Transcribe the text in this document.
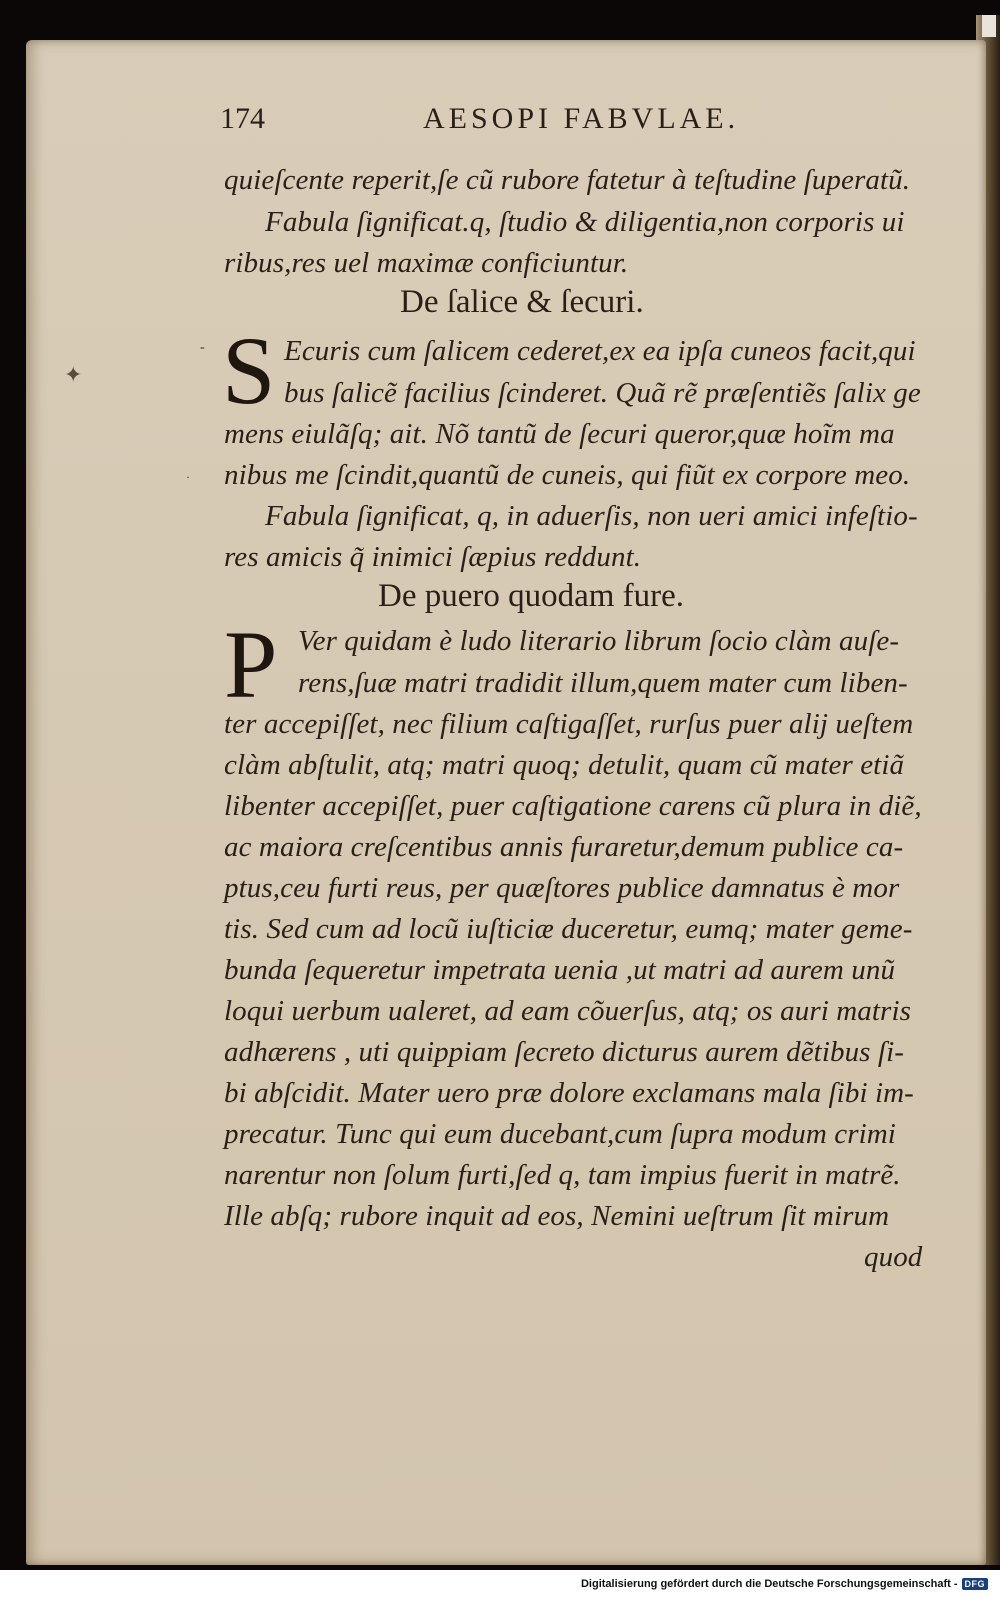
174	AESOPI FABVLAE.
quieſcente reperit,ſe cũ rubore fatetur à teſtudine ſuperatũ.
Fabula ſignificat.q, ſtudio & diligentia,non corporis ui
ribus,res uel maximæ conficiuntur.
De ſalice & ſecuri.
S Ecuris cum ſalicem cederet,ex ea ipſa cuneos facit,qui
bus ſalicẽ facilius ſcinderet. Quã rẽ præſentiẽs ſalix ge
mens eiulãſq; ait. Nõ tantũ de ſecuri queror,quæ hoĩm ma
nibus me ſcindit,quantũ de cuneis, qui fiũt ex corpore meo.
Fabula ſignificat, q, in aduerſis, non ueri amici infeſtio-
res amicis q̃ inimici ſæpius reddunt.
De puero quodam fure.
P Ver quidam è ludo literario librum ſocio clàm auſe-
rens,ſuæ matri tradidit illum,quem mater cum liben-
ter accepiſſet, nec filium caſtigaſſet, rurſus puer alij ueſtem
clàm abſtulit, atq; matri quoq; detulit, quam cũ mater etiã
libenter accepiſſet, puer caſtigatione carens cũ plura in diẽ,
ac maiora creſcentibus annis furaretur,demum publice ca-
ptus,ceu furti reus, per quæſtores publice damnatus è mor
tis. Sed cum ad locũ iuſticiæ duceretur, eumq; mater geme-
bunda ſequeretur impetrata uenia ,ut matri ad aurem unũ
loqui uerbum ualeret, ad eam cõuerſus, atq; os auri matris
adhærens , uti quippiam ſecreto dicturus aurem dẽtibus ſi-
bi abſcidit. Mater uero præ dolore exclamans mala ſibi im-
precatur. Tunc qui eum ducebant,cum ſupra modum crimi
narentur non ſolum furti,ſed q, tam impius fuerit in matrẽ.
Ille abſq; rubore inquit ad eos, Nemini ueſtrum ſit mirum
quod
-
·
✦
Digitalisierung gefördert durch die Deutsche Forschungsgemeinschaft - DFG
